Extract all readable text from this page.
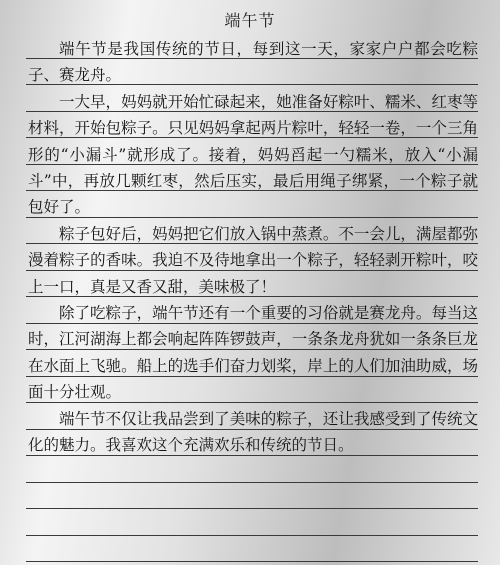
端午节

端午节是我国传统的节日，每到这一天，家家户户都会吃粽子、赛龙舟。

一大早，妈妈就开始忙碌起来，她准备好粽叶、糯米、红枣等材料，开始包粽子。只见妈妈拿起两片粽叶，轻轻一卷，一个三角形的“小漏斗”就形成了。接着，妈妈舀起一勺糯米，放入“小漏斗”中，再放几颗红枣，然后压实，最后用绳子绑紧，一个粽子就包好了。

粽子包好后，妈妈把它们放入锅中蒸煮。不一会儿，满屋都弥漫着粽子的香味。我迫不及待地拿出一个粽子，轻轻剥开粽叶，咬上一口，真是又香又甜，美味极了！

除了吃粽子，端午节还有一个重要的习俗就是赛龙舟。每当这时，江河湖海上都会响起阵阵锣鼓声，一条条龙舟犹如一条条巨龙在水面上飞驰。船上的选手们奋力划桨，岸上的人们加油助威，场面十分壮观。

端午节不仅让我品尝到了美味的粽子，还让我感受到了传统文化的魅力。我喜欢这个充满欢乐和传统的节日。
